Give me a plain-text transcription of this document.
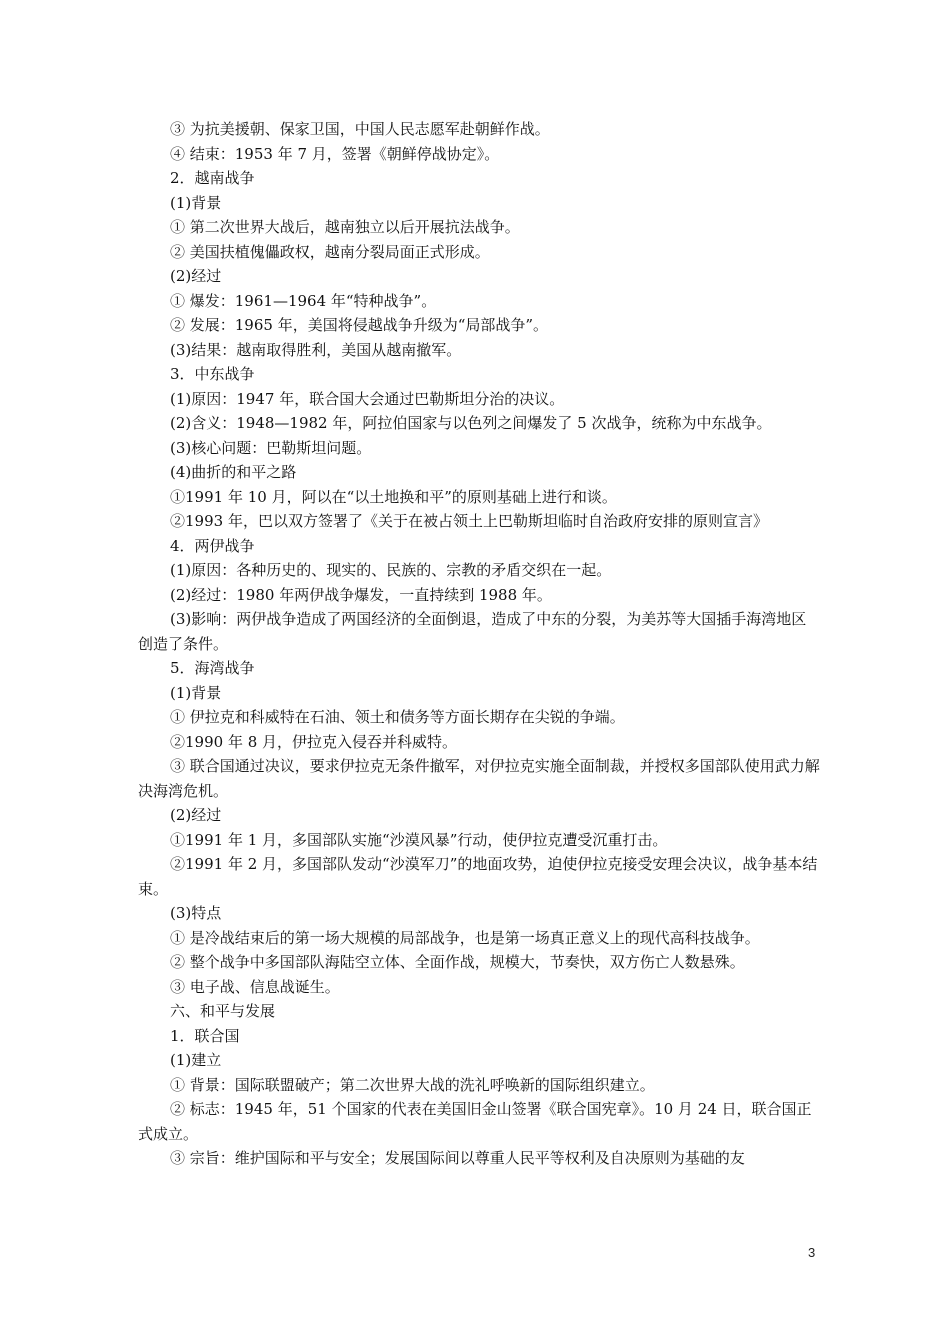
③ 为抗美援朝、保家卫国，中国人民志愿军赴朝鲜作战。
④ 结束：1953 年 7 月，签署《朝鲜停战协定》。
2．越南战争
(1)背景
① 第二次世界大战后，越南独立以后开展抗法战争。
② 美国扶植傀儡政权，越南分裂局面正式形成。
(2)经过
① 爆发：1961—1964 年“特种战争”。
② 发展：1965 年，美国将侵越战争升级为“局部战争”。
(3)结果：越南取得胜利，美国从越南撤军。
3．中东战争
(1)原因：1947 年，联合国大会通过巴勒斯坦分治的决议。
(2)含义：1948—1982 年，阿拉伯国家与以色列之间爆发了 5 次战争，统称为中东战争。
(3)核心问题：巴勒斯坦问题。
(4)曲折的和平之路
①1991 年 10 月，阿以在“以土地换和平”的原则基础上进行和谈。
②1993 年，巴以双方签署了《关于在被占领土上巴勒斯坦临时自治政府安排的原则宣言》
4．两伊战争
(1)原因：各种历史的、现实的、民族的、宗教的矛盾交织在一起。
(2)经过：1980 年两伊战争爆发，一直持续到 1988 年。
(3)影响：两伊战争造成了两国经济的全面倒退，造成了中东的分裂，为美苏等大国插手海湾地区创造了条件。
5．海湾战争
(1)背景
① 伊拉克和科威特在石油、领土和债务等方面长期存在尖锐的争端。
②1990 年 8 月，伊拉克入侵吞并科威特。
③ 联合国通过决议，要求伊拉克无条件撤军，对伊拉克实施全面制裁，并授权多国部队使用武力解决海湾危机。
(2)经过
①1991 年 1 月，多国部队实施“沙漠风暴”行动，使伊拉克遭受沉重打击。
②1991 年 2 月，多国部队发动“沙漠军刀”的地面攻势，迫使伊拉克接受安理会决议，战争基本结束。
(3)特点
① 是冷战结束后的第一场大规模的局部战争，也是第一场真正意义上的现代高科技战争。
② 整个战争中多国部队海陆空立体、全面作战，规模大，节奏快，双方伤亡人数悬殊。
③ 电子战、信息战诞生。
六、和平与发展
1．联合国
(1)建立
① 背景：国际联盟破产；第二次世界大战的洗礼呼唤新的国际组织建立。
② 标志：1945 年，51 个国家的代表在美国旧金山签署《联合国宪章》。10 月 24 日，联合国正式成立。
③ 宗旨：维护国际和平与安全；发展国际间以尊重人民平等权利及自决原则为基础的友
3
